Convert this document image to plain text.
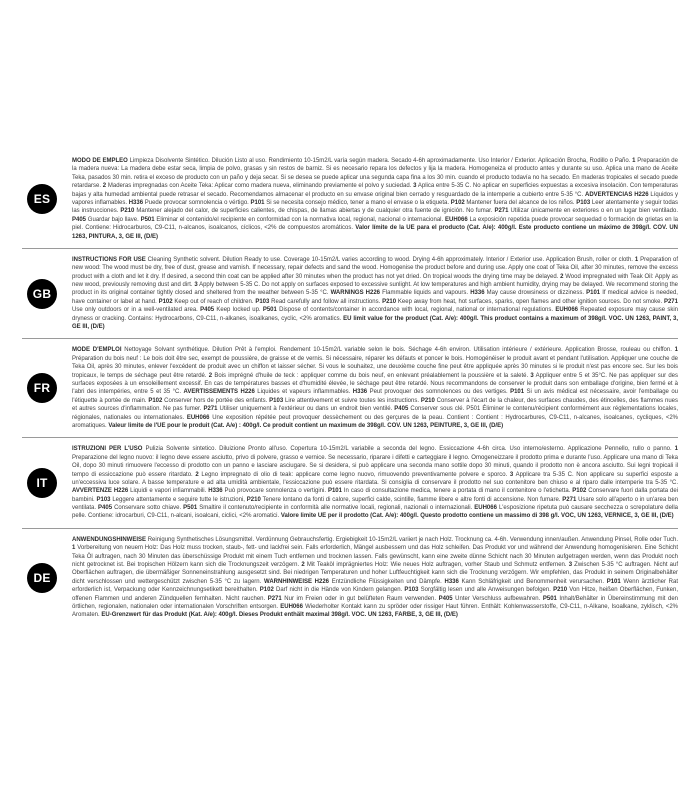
ES

MODO DE EMPLEO Limpieza Disolvente Sintético. Dilución Listo al uso. Rendimiento 10-15m2/L varía según madera. Secado 4-6h aproximadamente. Uso Interior / Exterior. Aplicación Brocha, Rodillo o Paño. 1 Preparación de la madera nueva: La madera debe estar seca, limpia de polvo, grasas y sin restos de barniz. Si es necesario repara los defectos y lija la madera. Homogeneiza el producto antes y durante su uso. Aplica una mano de Aceite Teka, pasados 30 min. retira el exceso de producto con un paño y deja secar. Si se desea se puede aplicar una segunda capa fina a los 30 min. cuando el producto todavía no ha secado. En maderas tropicales el secado puede retardarse. 2 Maderas impregnadas con Aceite Teka: Aplicar como madera nueva, eliminando previamente el polvo y suciedad. 3 Aplica entre 5-35 C. No aplicar en superficies expuestas a excesiva insolación. Con temperaturas bajas y alta humedad ambiental puede retrasar el secado. Recomendamos almacenar el producto en su envase original bien cerrado y resguardado de la intemperie a cubierto entre 5-35 °C. ADVERTENCIAS H226 Líquidos y vapores inflamables. H336 Puede provocar somnolencia o vértigo. P101 Si se necesita consejo médico, tener a mano el envase o la etiqueta. P102 Mantener fuera del alcance de los niños. P103 Leer atentamente y seguir todas las instrucciones. P210 Mantener alejado del calor, de superficies calientes, de chispas, de llamas abiertas y de cualquier otra fuente de ignición. No fumar. P271 Utilizar únicamente en exteriores o en un lugar bien ventilado. P405 Guardar bajo llave. P501 Eliminar el contenido/el recipiente en conformidad con la normativa local, regional, nacional o internacional. EUH066 La exposición repetida puede provocar sequedad o formación de grietas en la piel. Contiene: Hidrocarburos, C9-C11, n-alcanos, isoalcanos, cíclicos, <2% de compuestos aromáticos. Valor límite de la UE para el producto (Cat. A/e): 400g/l. Este producto contiene un máximo de 398g/l. COV. UN 1263, PINTURA, 3, GE III, (D/E)

GB

INSTRUCTIONS FOR USE Cleaning Synthetic solvent. Dilution Ready to use. Coverage 10-15m2/L varies according to wood. Drying 4-6h approximately. Interior / Exterior use. Application Brush, roller or cloth. 1 Preparation of new wood: The wood must be dry, free of dust, grease and varnish. If necessary, repair defects and sand the wood. Homogenise the product before and during use. Apply one coat of Teka Oil, after 30 minutes, remove the excess product with a cloth and let it dry. If desired, a second thin coat can be applied after 30 minutes when the product has not yet dried. On tropical woods the drying time may be delayed. 2 Wood impregnated with Teak Oil: Apply as new wood, previously removing dust and dirt. 3 Apply between 5-35 C. Do not apply on surfaces exposed to excessive sunlight. At low temperatures and high ambient humidity, drying may be delayed. We recommend storing the product in its original container tightly closed and sheltered from the weather between 5-35 °C. WARNINGS H226 Flammable liquids and vapours. H336 May cause drowsiness or dizziness. P101 If medical advice is needed, have container or label at hand. P102 Keep out of reach of children. P103 Read carefully and follow all instructions. P210 Keep away from heat, hot surfaces, sparks, open flames and other ignition sources. Do not smoke. P271 Use only outdoors or in a well-ventilated area. P405 Keep locked up. P501 Dispose of contents/container in accordance with local, regional, national or international regulations. EUH066 Repeated exposure may cause skin dryness or cracking. Contains: Hydrocarbons, C9-C11, n-alkanes, isoalkanes, cyclic, <2% aromatics. EU limit value for the product (Cat. A/e): 400g/l. This product contains a maximum of 398g/l. VOC. UN 1263, PAINT, 3, GE III, (D/E)

FR

MODE D'EMPLOI Nettoyage Solvant synthétique. Dilution Prêt à l'emploi. Rendement 10-15m2/L variable selon le bois. Séchage 4-6h environ. Utilisation intérieure / extérieure. Application Brosse, rouleau ou chiffon. 1 Préparation du bois neuf : Le bois doit être sec, exempt de poussière, de graisse et de vernis. Si nécessaire, réparer les défauts et poncer le bois. Homogénéiser le produit avant et pendant l'utilisation. Appliquer une couche de Teka Oil, après 30 minutes, enlever l'excédent de produit avec un chiffon et laisser sécher. Si vous le souhaitez, une deuxième couche fine peut être appliquée après 30 minutes si le produit n'est pas encore sec. Sur les bois tropicaux, le temps de séchage peut être retardé. 2 Bois imprégné d'huile de teck : appliquer comme du bois neuf, en enlevant préalablement la poussière et la saleté. 3 Appliquer entre 5 et 35°C. Ne pas appliquer sur des surfaces exposées à un ensoleillement excessif. En cas de températures basses et d'humidité élevée, le séchage peut être retardé. Nous recommandons de conserver le produit dans son emballage d'origine, bien fermé et à l'abri des intempéries, entre 5 et 35 °C. AVERTISSEMENTS H226 Liquides et vapeurs inflammables. H336 Peut provoquer des somnolences ou des vertiges. P101 Si un avis médical est nécessaire, avoir l'emballage ou l'étiquette à portée de main. P102 Conserver hors de portée des enfants. P103 Lire attentivement et suivre toutes les instructions. P210 Conserver à l'écart de la chaleur, des surfaces chaudes, des étincelles, des flammes nues et autres sources d'inflammation. Ne pas fumer. P271 Utiliser uniquement à l'extérieur ou dans un endroit bien ventilé. P405 Conserver sous clé. P501 Éliminer le contenu/récipient conformément aux réglementations locales, régionales, nationales ou internationales. EUH066 Une exposition répétée peut provoquer dessèchement ou des gerçures de la peau. Contient : Contient : Hydrocarbures, C9-C11, n-alcanes, isoalcanes, cycliques, <2% aromatiques. Valeur limite de l'UE pour le produit (Cat. A/e) : 400g/l. Ce produit contient un maximum de 398g/l. COV. UN 1263, PEINTURE, 3, GE III, (D/E)

IT

ISTRUZIONI PER L'USO Pulizia Solvente sintetico. Diluizione Pronto all'uso. Copertura 10-15m2/L variabile a seconda del legno. Essiccazione 4-6h circa. Uso interno/esterno. Applicazione Pennello, rullo o panno. 1 Preparazione del legno nuovo: il legno deve essere asciutto, privo di polvere, grasso e vernice. Se necessario, riparare i difetti e carteggiare il legno. Omogeneizzare il prodotto prima e durante l'uso. Applicare una mano di Teka Oil, dopo 30 minuti rimuovere l'eccesso di prodotto con un panno e lasciare asciugare. Se si desidera, si può applicare una seconda mano sottile dopo 30 minuti, quando il prodotto non è ancora asciutto. Sui legni tropicali il tempo di essiccazione può essere ritardato. 2 Legno impregnato di olio di teak: applicare come legno nuovo, rimuovendo preventivamente polvere e sporco. 3 Applicare tra 5-35 C. Non applicare su superfici esposte a un'eccessiva luce solare. A basse temperature e ad alta umidità ambientale, l'essiccazione può essere ritardata. Si consiglia di conservare il prodotto nel suo contenitore ben chiuso e al riparo dalle intemperie tra 5-35 °C. AVVERTENZE H226 Liquidi e vapori infiammabili. H336 Può provocare sonnolenza o vertigini. P101 In caso di consultazione medica, tenere a portata di mano il contenitore o l'etichetta. P102 Conservare fuori dalla portata dei bambini. P103 Leggere attentamente e seguire tutte le istruzioni, P210 Tenere lontano da fonti di calore, superfici calde, scintille, fiamme libere e altre fonti di accensione. Non fumare. P271 Usare solo all'aperto o in un'area ben ventilata. P405 Conservare sotto chiave. P501 Smaltire il contenuto/recipiente in conformità alle normative locali, regionali, nazionali o internazionali. EUH066 L'esposizione ripetuta può causare secchezza o screpolature della pelle. Contiene: idrocarburi, C9-C11, n-alcani, isoalcani, ciclici, <2% aromatici. Valore limite UE per il prodotto (Cat. A/e): 400g/l. Questo prodotto contiene un massimo di 398 g/l. VOC, UN 1263, VERNICE, 3, GE III, (D/E)

DE

ANWENDUNGSHINWEISE Reinigung Synthetisches Lösungsmittel. Verdünnung Gebrauchsfertig. Ergiebigkeit 10-15m2/L variiert je nach Holz. Trocknung ca. 4-6h. Verwendung innen/außen. Anwendung Pinsel, Rolle oder Tuch. 1 Vorbereitung von neuem Holz: Das Holz muss trocken, staub-, fett- und lackfrei sein. Falls erforderlich, Mängel ausbessern und das Holz schleifen. Das Produkt vor und während der Anwendung homogenisieren. Eine Schicht Teka Öl auftragen, nach 30 Minuten das überschüssige Produkt mit einem Tuch entfernen und trocknen lassen. Falls gewünscht, kann eine zweite dünne Schicht nach 30 Minuten aufgetragen werden, wenn das Produkt noch nicht getrocknet ist. Bei tropischen Hölzern kann sich die Trocknungszeit verzögern. 2 Mit Teaköl imprägniertes Holz: Wie neues Holz auftragen, vorher Staub und Schmutz entfernen. 3 Zwischen 5-35 °C auftragen. Nicht auf Oberflächen auftragen, die übermäßiger Sonneneinstrahlung ausgesetzt sind. Bei niedrigen Temperaturen und hoher Luftfeuchtigkeit kann sich die Trocknung verzögern. Wir empfehlen, das Produkt in seinem Originalbehälter dicht verschlossen und wettergeschützt zwischen 5-35 °C zu lagern. WARNHINWEISE H226 Entzündliche Flüssigkeiten und Dämpfe. H336 Kann Schläfrigkeit und Benommenheit verursachen. P101 Wenn ärztlicher Rat erforderlich ist, Verpackung oder Kennzeichnungsetikett bereithalten. P102 Darf nicht in die Hände von Kindern gelangen. P103 Sorgfältig lesen und alle Anweisungen befolgen. P210 Von Hitze, heißen Oberflächen, Funken, offenen Flammen und anderen Zündquellen fernhalten. Nicht rauchen. P271 Nur im Freien oder in gut belüfteten Raum verwenden. P405 Unter Verschluss aufbewahren. P501 Inhalt/Behälter in Übereinstimmung mit den örtlichen, regionalen, nationalen oder internationalen Vorschriften entsorgen. EUH066 Wiederholter Kontakt kann zu spröder oder rissiger Haut führen. Enthält: Kohlenwasserstoffe, C9-C11, n-Alkane, Isoalkane, zyklisch, <2% Aromaten. EU-Grenzwert für das Produkt (Kat. A/e): 400g/l. Dieses Produkt enthält maximal 398g/l. VOC. UN 1263, FARBE, 3, GE III, (D/E)
